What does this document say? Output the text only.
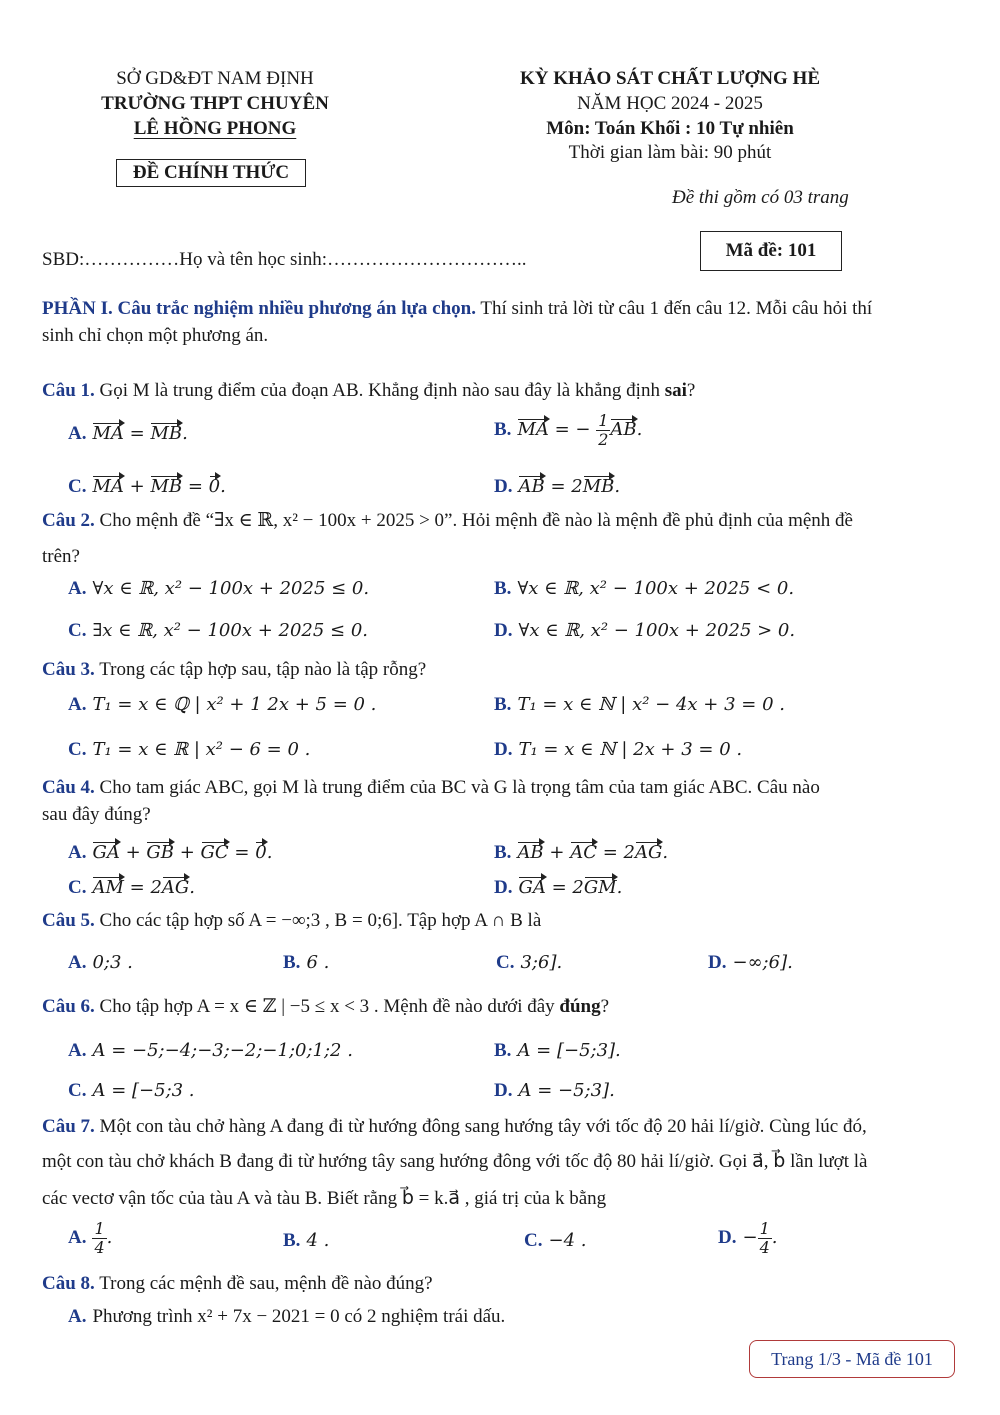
SỞ GD&ĐT NAM ĐỊNH
TRƯỜNG THPT CHUYÊN
LÊ HỒNG PHONG
ĐỀ CHÍNH THỨC
KỲ KHẢO SÁT CHẤT LƯỢNG HÈ
NĂM HỌC 2024 - 2025
Môn: Toán Khối : 10 Tự nhiên
Thời gian làm bài: 90 phút
Đề thi gồm có 03 trang
SBD:……………Họ và tên học sinh:…………………………..	Mã đề: 101
PHẦN I. Câu trắc nghiệm nhiều phương án lựa chọn. Thí sinh trả lời từ câu 1 đến câu 12. Mỗi câu hỏi thí
sinh chỉ chọn một phương án.
Câu 1. Gọi M là trung điểm của đoạn AB. Khẳng định nào sau đây là khẳng định sai?
A. MA = MB.	B. MA = − $\frac{1}{2}$ AB.
C. MA + MB = 0.	D. AB = 2MB.
Câu 2. Cho mệnh đề “∃x ∈ ℝ, x² − 100x + 2025 > 0”. Hỏi mệnh đề nào là mệnh đề phủ định của mệnh đề
trên?
A. ∀x ∈ ℝ, x² − 100x + 2025 ≤ 0.	B. ∀x ∈ ℝ, x² − 100x + 2025 < 0.
C. ∃x ∈ ℝ, x² − 100x + 2025 ≤ 0.	D. ∀x ∈ ℝ, x² − 100x + 2025 > 0.
Câu 3. Trong các tập hợp sau, tập nào là tập rỗng?
A. T₁ = x ∈ ℚ | x² + 1 2x + 5 = 0 .	B. T₁ = x ∈ ℕ | x² − 4x + 3 = 0 .
C. T₁ = x ∈ ℝ | x² − 6 = 0 .	D. T₁ = x ∈ ℕ | 2x + 3 = 0 .
Câu 4. Cho tam giác ABC, gọi M là trung điểm của BC và G là trọng tâm của tam giác ABC. Câu nào
sau đây đúng?
A. GA + GB + GC = 0.	B. AB + AC = 2AG.
C. AM = 2AG.	D. GA = 2GM.
Câu 5. Cho các tập hợp số A = −∞;3 , B = 0;6]. Tập hợp A ∩ B là
A. 0;3 .	B. 6 .	C. 3;6].	D. −∞;6].
Câu 6. Cho tập hợp A = x ∈ ℤ | −5 ≤ x < 3 . Mệnh đề nào dưới đây đúng?
A. A = −5;−4;−3;−2;−1;0;1;2 .	B. A = [−5;3].
C. A = [−5;3 .	D. A = −5;3].
Câu 7. Một con tàu chở hàng A đang đi từ hướng đông sang hướng tây với tốc độ 20 hải lí/giờ. Cùng lúc đó,
một con tàu chở khách B đang đi từ hướng tây sang hướng đông với tốc độ 80 hải lí/giờ. Gọi a⃗, b⃗ lần lượt là
các vectơ vận tốc của tàu A và tàu B. Biết rằng b⃗ = k.a⃗ , giá trị của k bằng
A. $\frac{1}{4}$ .	B. 4 .	C. −4 .	D. − $\frac{1}{4}$ .
Câu 8. Trong các mệnh đề sau, mệnh đề nào đúng?
A. Phương trình x² + 7x − 2021 = 0 có 2 nghiệm trái dấu.
Trang 1/3 - Mã đề 101
